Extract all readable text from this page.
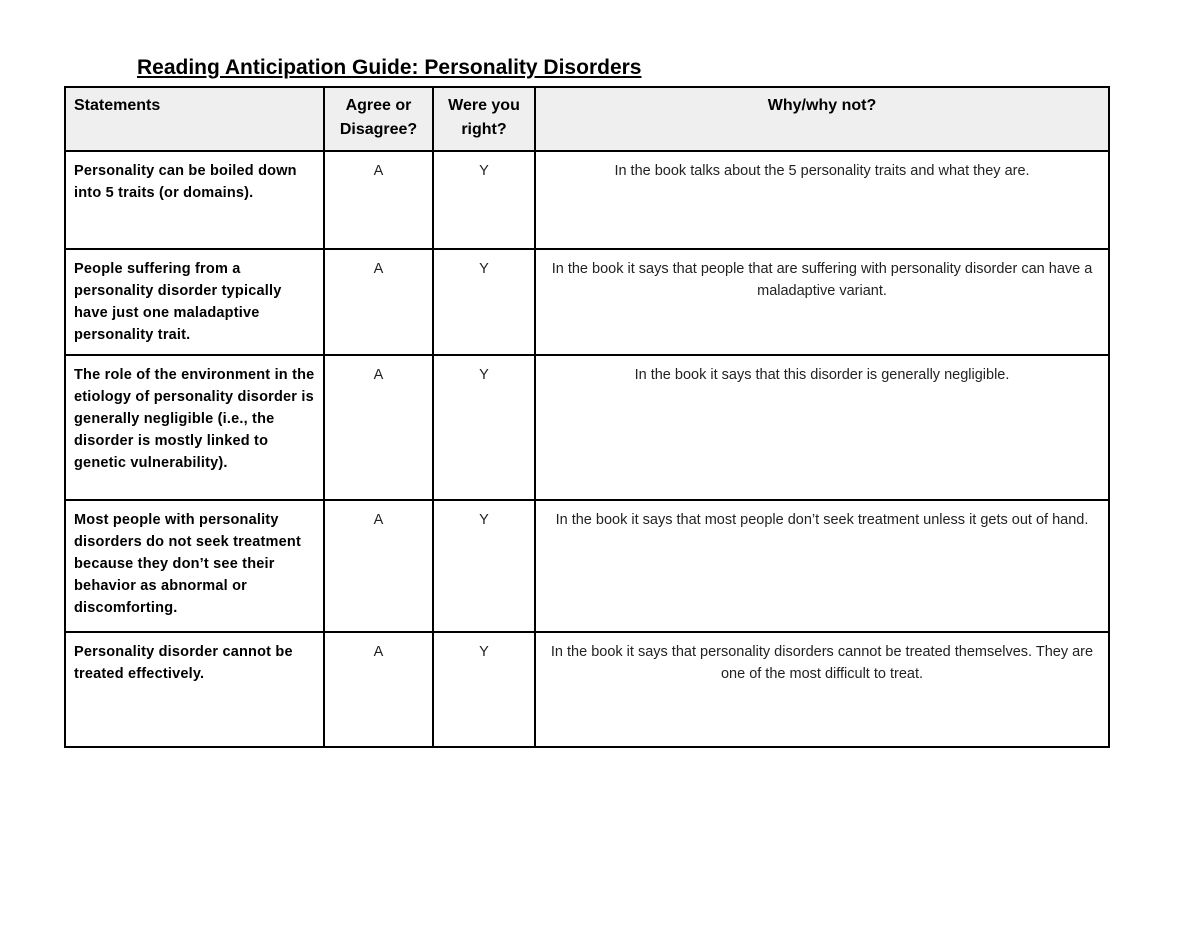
Reading Anticipation Guide: Personality Disorders
Statements	Agree or Disagree?	Were you right?	Why/why not?
Personality can be boiled down into 5 traits (or domains).	A	Y	In the book talks about the 5 personality traits and what they are.
People suffering from a personality disorder typically have just one maladaptive personality trait.	A	Y	In the book it says that people that are suffering with personality disorder can have a maladaptive variant.
The role of the environment in the etiology of personality disorder is generally negligible (i.e., the disorder is mostly linked to genetic vulnerability).	A	Y	In the book it says that this disorder is generally negligible.
Most people with personality disorders do not seek treatment because they don’t see their behavior as abnormal or discomforting.	A	Y	In the book it says that most people don’t seek treatment unless it gets out of hand.
Personality disorder cannot be treated effectively.	A	Y	In the book it says that personality disorders cannot be treated themselves. They are one of the most difficult to treat.
